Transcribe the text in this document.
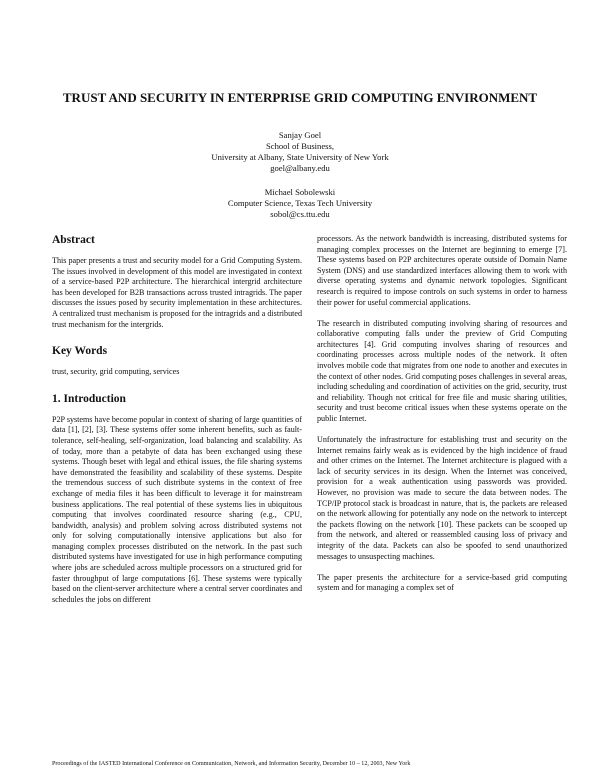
TRUST AND SECURITY IN ENTERPRISE GRID COMPUTING ENVIRONMENT
Sanjay Goel
School of Business,
University at Albany, State University of New York
goel@albany.edu
Michael Sobolewski
Computer Science, Texas Tech University
sobol@cs.ttu.edu
Abstract

This paper presents a trust and security model for a Grid Computing System. The issues involved in development of this model are investigated in context of a service-based P2P architecture. The hierarchical intergrid architecture has been developed for B2B transactions across trusted intragrids. The paper discusses the issues posed by security implementation in these architectures. A centralized trust mechanism is proposed for the intragrids and a distributed trust mechanism for the intergrids.

Key Words

trust, security, grid computing, services

1. Introduction

P2P systems have become popular in context of sharing of large quantities of data [1], [2], [3]. These systems offer some inherent benefits, such as fault-tolerance, self-healing, self-organization, load balancing and scalability. As of today, more than a petabyte of data has been exchanged using these systems. Though beset with legal and ethical issues, the file sharing systems have demonstrated the feasibility and scalability of these systems. Despite the tremendous success of such distribute systems in the context of free exchange of media files it has been difficult to leverage it for mainstream business applications. The real potential of these systems lies in ubiquitous computing that involves coordinated resource sharing (e.g., CPU, bandwidth, analysis) and problem solving across distributed systems not only for solving computationally intensive applications but also for managing complex processes distributed on the network. In the past such distributed systems have investigated for use in high performance computing where jobs are scheduled across multiple processors on a structured grid for faster throughput of large computations [6]. These systems were typically based on the client-server architecture where a central server coordinates and schedules the jobs on different

processors. As the network bandwidth is increasing, distributed systems for managing complex processes on the Internet are beginning to emerge [7]. These systems based on P2P architectures operate outside of Domain Name System (DNS) and use standardized interfaces allowing them to work with diverse operating systems and dynamic network topologies. Significant research is required to impose controls on such systems in order to harness their power for useful commercial applications.

The research in distributed computing involving sharing of resources and collaborative computing falls under the preview of Grid Computing architectures [4]. Grid computing involves sharing of resources and coordinating processes across multiple nodes of the network. It often involves mobile code that migrates from one node to another and executes in the context of other nodes. Grid computing poses challenges in several areas, including scheduling and coordination of activities on the grid, security, trust and reliability. Though not critical for free file and music sharing utilities, security and trust become critical issues when these systems operate on the public Internet.

Unfortunately the infrastructure for establishing trust and security on the Internet remains fairly weak as is evidenced by the high incidence of fraud and other crimes on the Internet. The Internet architecture is plagued with a lack of security services in its design. When the Internet was conceived, provision for a weak authentication using passwords was provided. However, no provision was made to secure the data between nodes. The TCP/IP protocol stack is broadcast in nature, that is, the packets are released on the network allowing for potentially any node on the network to intercept the packets flowing on the network [10]. These packets can be scooped up from the network, and altered or reassembled causing loss of privacy and integrity of the data. Packets can also be spoofed to send unauthorized messages to unsuspecting machines.

The paper presents the architecture for a service-based grid computing system and for managing a complex set of

Proceedings of the IASTED International Conference on Communication, Network, and Information Security, December 10 – 12, 2003, New York
